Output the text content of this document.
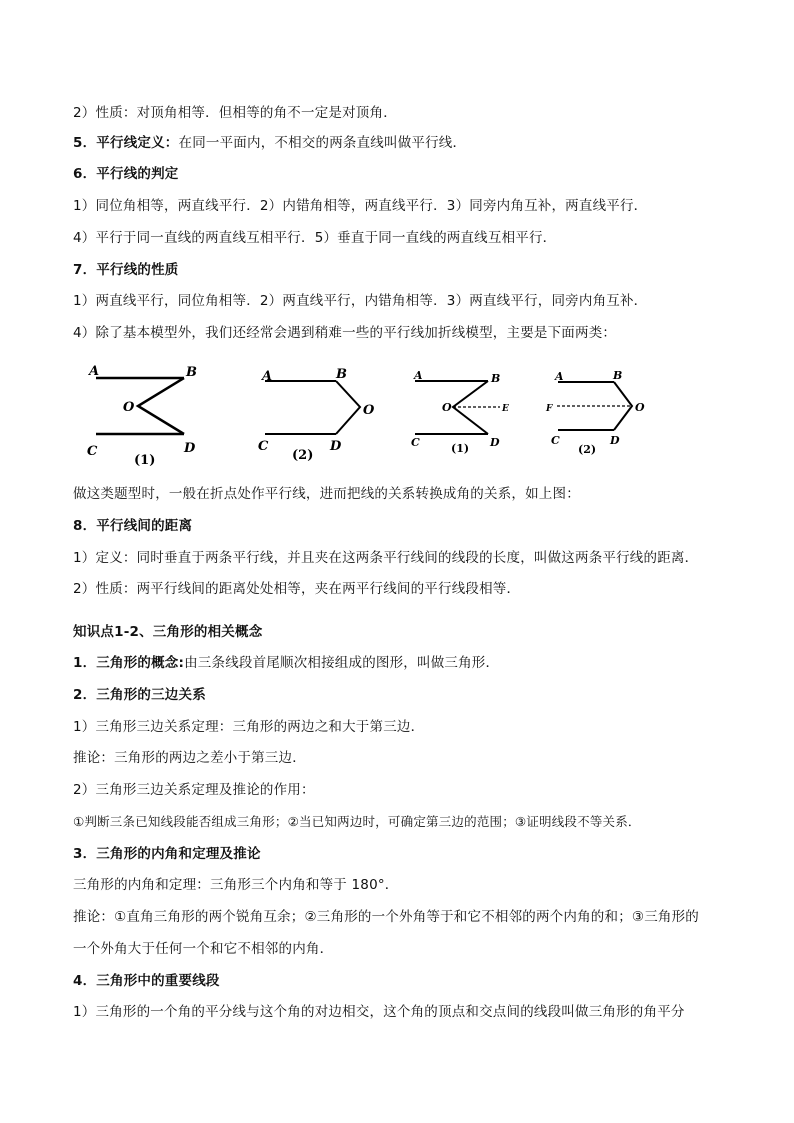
2）性质：对顶角相等．但相等的角不一定是对顶角．
5．平行线定义：在同一平面内，不相交的两条直线叫做平行线．
6．平行线的判定
1）同位角相等，两直线平行．2）内错角相等，两直线平行．3）同旁内角互补，两直线平行．
4）平行于同一直线的两直线互相平行．5）垂直于同一直线的两直线互相平行．
7．平行线的性质
1）两直线平行，同位角相等．2）两直线平行，内错角相等．3）两直线平行，同旁内角互补．
4）除了基本模型外，我们还经常会遇到稍难一些的平行线加折线模型，主要是下面两类：
A	B
O
C	D
(1)
A	B
O
C	D
(2)
A	B
O	E
C	D
(1)
A	B
F	O
C	D
(2)
做这类题型时，一般在折点处作平行线，进而把线的关系转换成角的关系，如上图：
8．平行线间的距离
1）定义：同时垂直于两条平行线，并且夹在这两条平行线间的线段的长度，叫做这两条平行线的距离．
2）性质：两平行线间的距离处处相等，夹在两平行线间的平行线段相等．
知识点1-2、三角形的相关概念
1．三角形的概念:由三条线段首尾顺次相接组成的图形，叫做三角形．
2．三角形的三边关系
1）三角形三边关系定理：三角形的两边之和大于第三边．
推论：三角形的两边之差小于第三边．
2）三角形三边关系定理及推论的作用：
①判断三条已知线段能否组成三角形；②当已知两边时，可确定第三边的范围；③证明线段不等关系．
3．三角形的内角和定理及推论
三角形的内角和定理：三角形三个内角和等于 180°．
推论：①直角三角形的两个锐角互余；②三角形的一个外角等于和它不相邻的两个内角的和；③三角形的
一个外角大于任何一个和它不相邻的内角．
4．三角形中的重要线段
1）三角形的一个角的平分线与这个角的对边相交，这个角的顶点和交点间的线段叫做三角形的角平分
